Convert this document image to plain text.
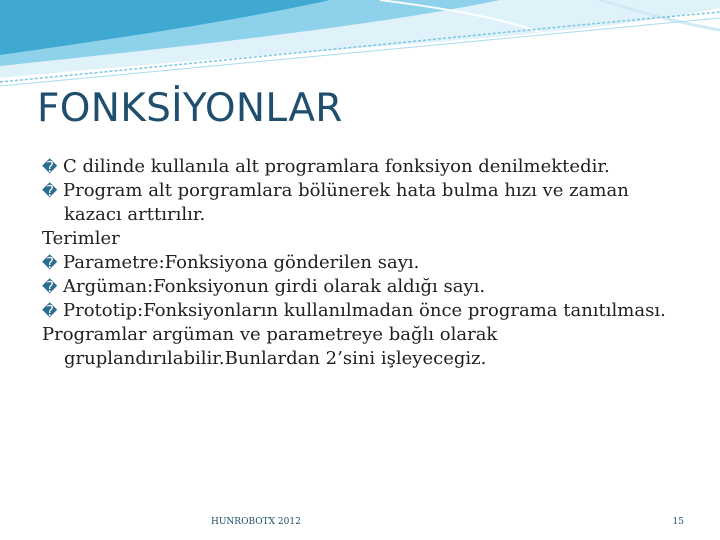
FONKSİYONLAR

� C dilinde kullanıla alt programlara fonksiyon denilmektedir.

� Program alt porgramlara bölünerek hata bulma hızı ve zaman kazacı arttırılır.

Terimler

� Parametre:Fonksiyona gönderilen sayı.

� Argüman:Fonksiyonun girdi olarak aldığı sayı.

� Prototip:Fonksiyonların kullanılmadan önce programa tanıtılması.

Programlar argüman ve parametreye bağlı olarak gruplandırılabilir.Bunlardan 2’sini işleyecegiz.

HUNROBOTX 2012	15
